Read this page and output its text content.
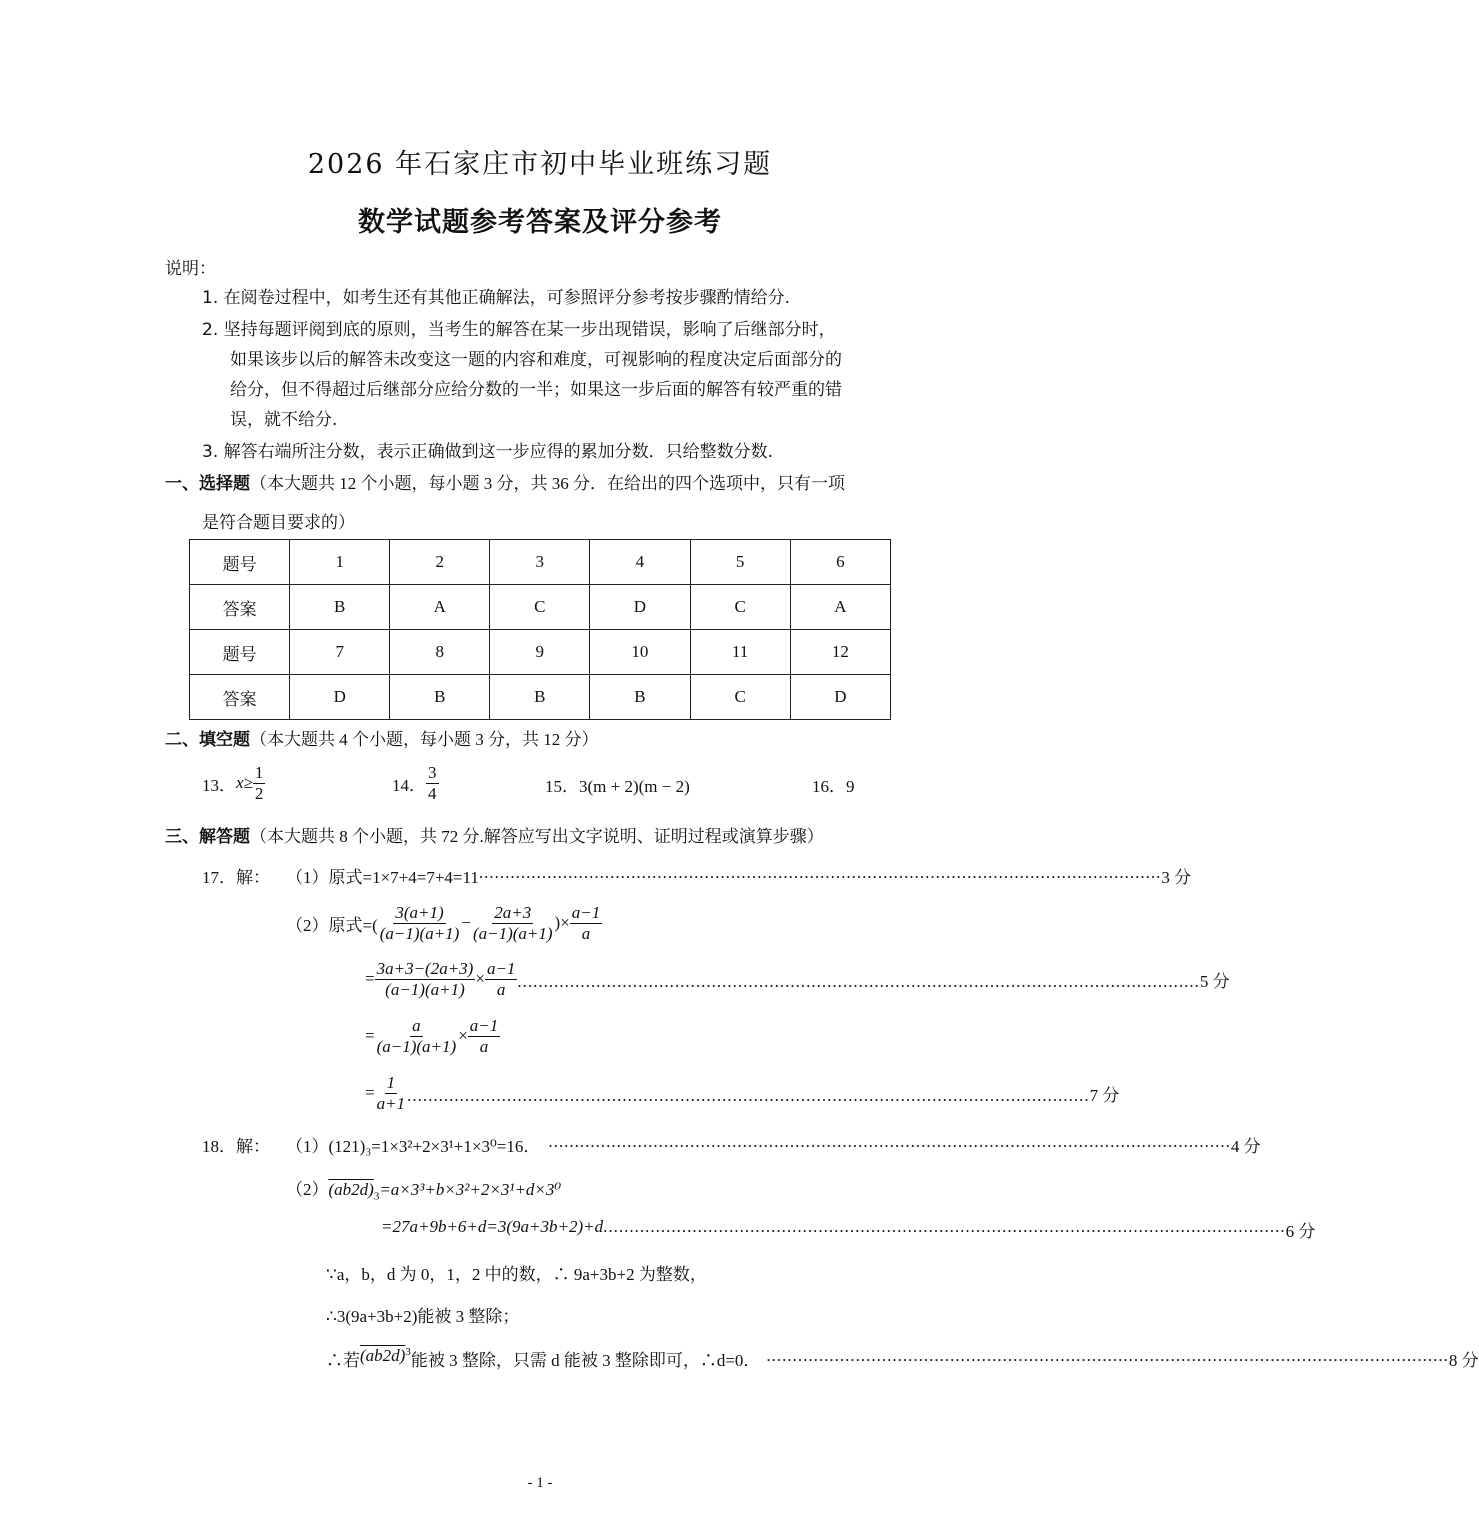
2026 年石家庄市初中毕业班练习题
数学试题参考答案及评分参考
说明：
1. 在阅卷过程中，如考生还有其他正确解法，可参照评分参考按步骤酌情给分.
2. 坚持每题评阅到底的原则，当考生的解答在某一步出现错误，影响了后继部分时，
如果该步以后的解答未改变这一题的内容和难度，可视影响的程度决定后面部分的
给分，但不得超过后继部分应给分数的一半；如果这一步后面的解答有较严重的错
误，就不给分.
3. 解答右端所注分数，表示正确做到这一步应得的累加分数．只给整数分数.
一、选择题（本大题共 12 个小题，每小题 3 分，共 36 分．在给出的四个选项中，只有一项
是符合题目要求的）
题号	1	2	3	4	5	6
答案	B	A	C	D	C	A
题号	7	8	9	10	11	12
答案	D	B	B	B	C	D
二、填空题（本大题共 4 个小题，每小题 3 分，共 12 分）
13． $x\ge \frac{1}{2}$	14． $\frac{3}{4}$	15．3(m + 2)(m − 2)	16．9
三、解答题（本大题共 8 个小题，共 72 分.解答应写出文字说明、证明过程或演算步骤）
17．解： （1）原式=1×7+4=7+4=11 .................................................................................................................................. 3 分
（2）原式=( $\frac{3(a+1)}{(a-1)(a+1)} - \frac{2a+3}{(a-1)(a+1)}$ )× $\frac{a-1}{a}$
= $\frac{3a+3-(2a+3)}{(a-1)(a+1)} \times \frac{a-1}{a}$ .................................................................................................................................. 5 分
= $\frac{a}{(a-1)(a+1)} \times \frac{a-1}{a}$
= $\frac{1}{a+1}$ .................................................................................................................................. 7 分
18．解： （1）(121)₃=1×3²+2×3¹+1×3⁰=16． .................................................................................................................................. 4 分
$(2)(ab2d)_3=a\times 3^3+b\times 3^2+2\times 3^1+d\times 3^0$
=27a+9b+6+d=3(9a+3b+2)+d .................................................................................................................................. 6 分
∵a，b，d 为 0，1，2 中的数，∴ 9a+3b+2 为整数，
∴3(9a+3b+2)能被 3 整除；
∴若 (ab2d) 3 能被 3 整除，只需 d 能被 3 整除即可，∴d=0． .................................................................................................................................. 8 分
- 1 -
